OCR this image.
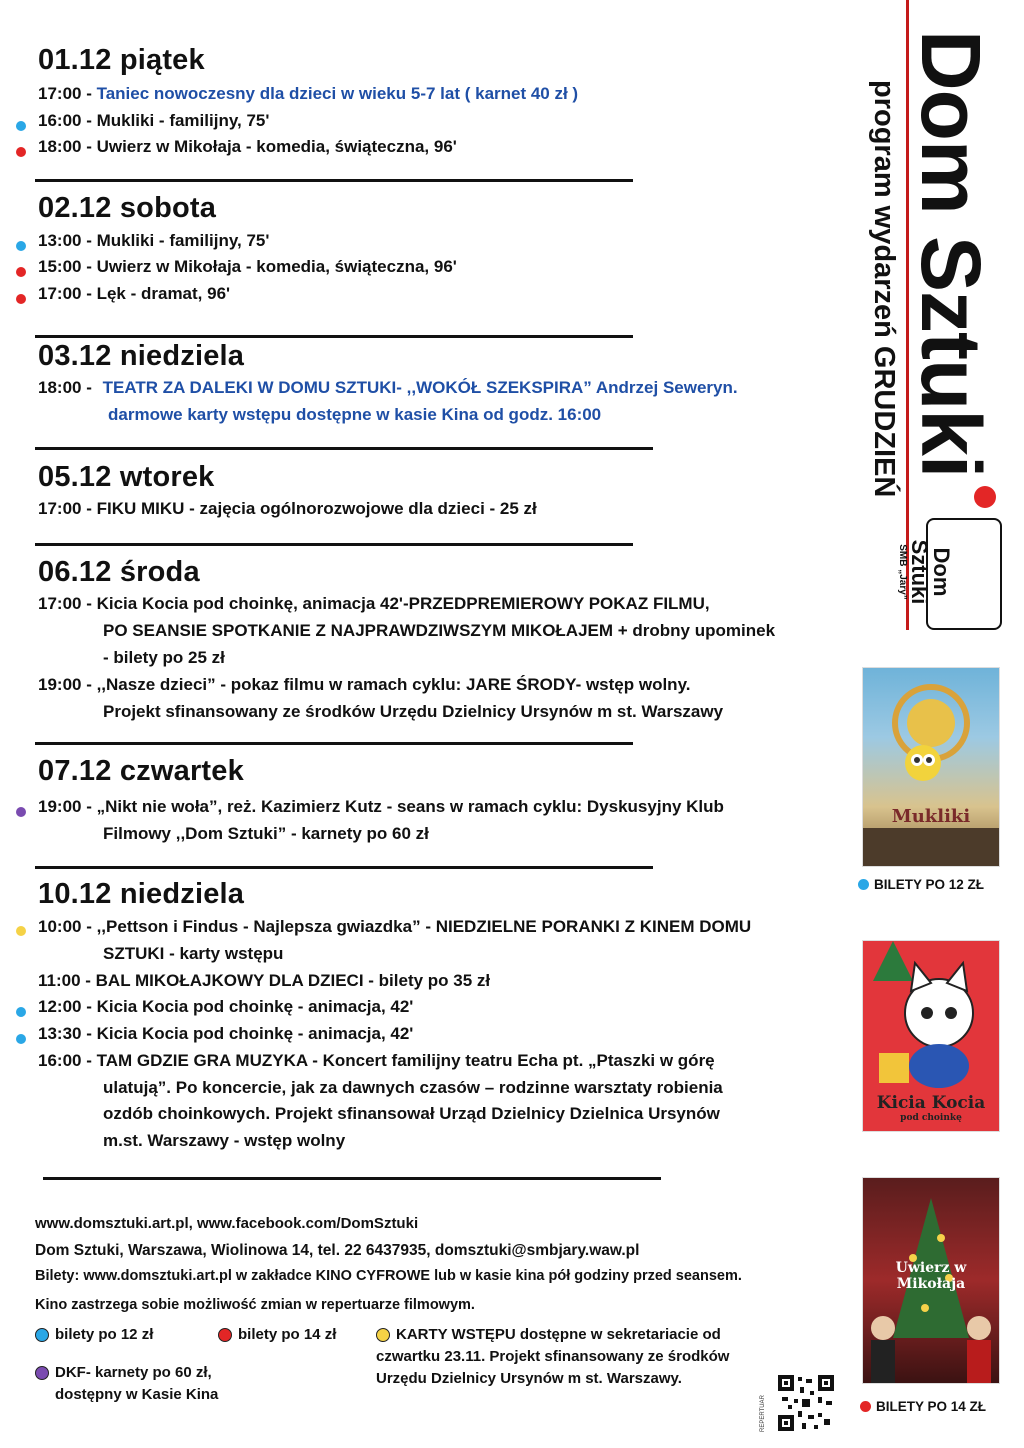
Dom Sztuki
program wydarzeń GRUDZIEŃ
Dom
Sztuki
SMB „Jary”
01.12 piątek
17:00 - Taniec nowoczesny dla dzieci w wieku 5-7 lat ( karnet 40 zł )
16:00 - Mukliki - familijny, 75'
18:00 - Uwierz w Mikołaja - komedia, świąteczna, 96'
02.12 sobota
13:00 - Mukliki - familijny, 75'
15:00 - Uwierz w Mikołaja - komedia, świąteczna, 96'
17:00 - Lęk - dramat, 96'
03.12 niedziela
18:00 - TEATR ZA DALEKI W DOMU SZTUKI- ,,WOKÓŁ SZEKSPIRA” Andrzej Seweryn.
darmowe karty wstępu dostępne w kasie Kina od godz. 16:00
05.12 wtorek
17:00 - FIKU MIKU - zajęcia ogólnorozwojowe dla dzieci - 25 zł
06.12 środa
17:00 - Kicia Kocia pod choinkę, animacja 42'-PRZEDPREMIEROWY POKAZ FILMU,
PO SEANSIE SPOTKANIE Z NAJPRAWDZIWSZYM MIKOŁAJEM + drobny upominek
- bilety po 25 zł
19:00 - ,,Nasze dzieci” - pokaz filmu w ramach cyklu: JARE ŚRODY- wstęp wolny.
Projekt sfinansowany ze środków Urzędu Dzielnicy Ursynów m st. Warszawy
07.12 czwartek
19:00 - „Nikt nie woła”, reż. Kazimierz Kutz - seans w ramach cyklu: Dyskusyjny Klub
Filmowy ,,Dom Sztuki” - karnety po 60 zł
10.12 niedziela
10:00 - ,,Pettson i Findus - Najlepsza gwiazdka” - NIEDZIELNE PORANKI Z KINEM DOMU
SZTUKI - karty wstępu
11:00 - BAL MIKOŁAJKOWY DLA DZIECI - bilety po 35 zł
12:00 - Kicia Kocia pod choinkę - animacja, 42'
13:30 - Kicia Kocia pod choinkę - animacja, 42'
16:00 - TAM GDZIE GRA MUZYKA - Koncert familijny teatru Echa pt. „Ptaszki w górę
ulatują”. Po koncercie, jak za dawnych czasów – rodzinne warsztaty robienia
ozdób choinkowych. Projekt sfinansował Urząd Dzielnicy Dzielnica Ursynów
m.st. Warszawy - wstęp wolny
Mukliki
BILETY PO 12 ZŁ
Kicia Kocia
pod choinkę
Uwierz w Mikołaja
BILETY PO 14 ZŁ
www.domsztuki.art.pl, www.facebook.com/DomSztuki
Dom Sztuki, Warszawa, Wiolinowa 14, tel. 22 6437935, domsztuki@smbjary.waw.pl
Bilety: www.domsztuki.art.pl w zakładce KINO CYFROWE lub w kasie kina pół godziny przed seansem.
Kino zastrzega sobie możliwość zmian w repertuarze filmowym.
bilety po 12 zł	bilety po 14 zł	KARTY WSTĘPU dostępne w sekretariacie od
czwartku 23.11. Projekt sfinansowany ze środków
Urzędu Dzielnicy Ursynów m st. Warszawy.
DKF- karnety po 60 zł,
dostępny w Kasie Kina
REPERTUAR
